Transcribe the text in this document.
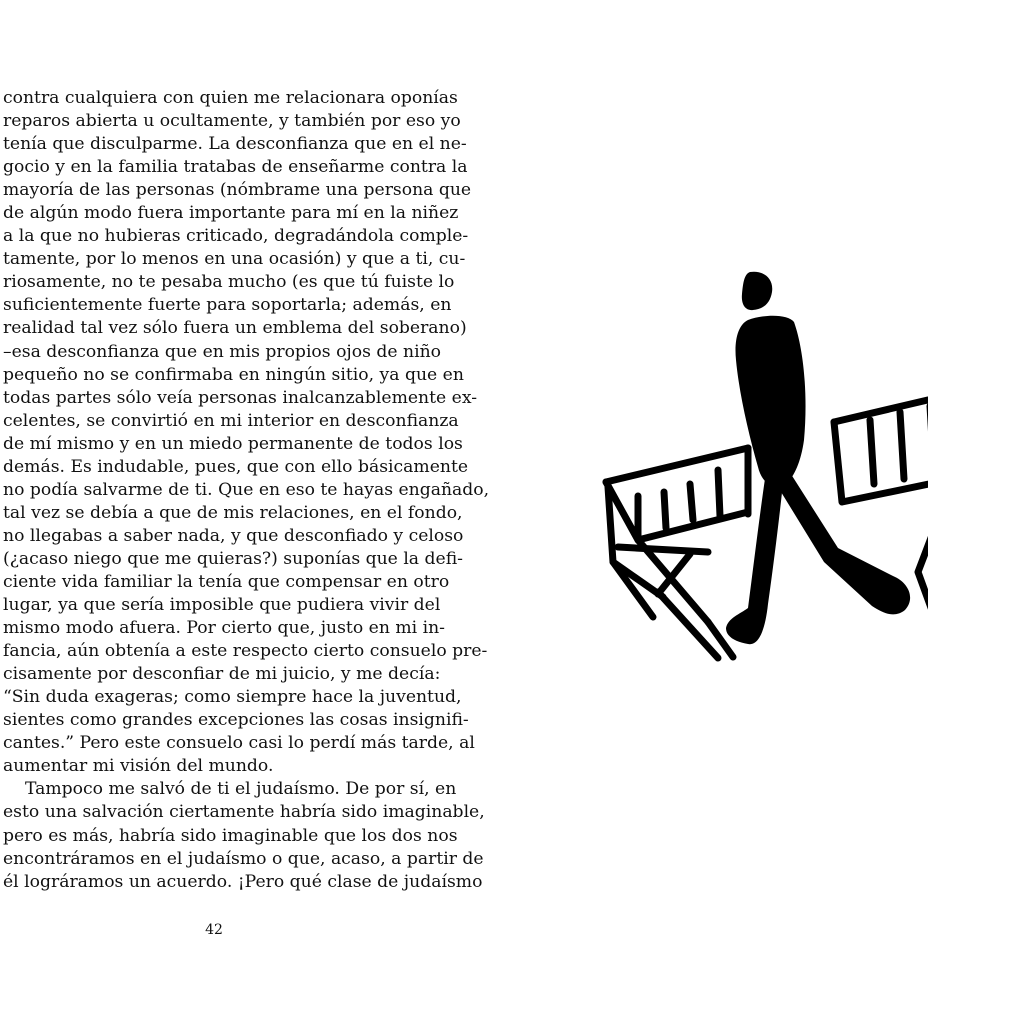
contra cualquiera con quien me relacionara oponías
reparos abierta u ocultamente, y también por eso yo
tenía que disculparme. La desconfianza que en el ne-
gocio y en la familia tratabas de enseñarme contra la
mayoría de las personas (nómbrame una persona que
de algún modo fuera importante para mí en la niñez
a la que no hubieras criticado, degradándola comple-
tamente, por lo menos en una ocasión) y que a ti, cu-
riosamente, no te pesaba mucho (es que tú fuiste lo
suficientemente fuerte para soportarla; además, en
realidad tal vez sólo fuera un emblema del soberano)
–esa desconfianza que en mis propios ojos de niño
pequeño no se confirmaba en ningún sitio, ya que en
todas partes sólo veía personas inalcanzablemente ex-
celentes, se convirtió en mi interior en desconfianza
de mí mismo y en un miedo permanente de todos los
demás. Es indudable, pues, que con ello básicamente
no podía salvarme de ti. Que en eso te hayas engañado,
tal vez se debía a que de mis relaciones, en el fondo,
no llegabas a saber nada, y que desconfiado y celoso
(¿acaso niego que me quieras?) suponías que la defi-
ciente vida familiar la tenía que compensar en otro
lugar, ya que sería imposible que pudiera vivir del
mismo modo afuera. Por cierto que, justo en mi in-
fancia, aún obtenía a este respecto cierto consuelo pre-
cisamente por desconfiar de mi juicio, y me decía:
“Sin duda exageras; como siempre hace la juventud,
sientes como grandes excepciones las cosas insignifi-
cantes.” Pero este consuelo casi lo perdí más tarde, al
aumentar mi visión del mundo.
Tampoco me salvó de ti el judaísmo. De por sí, en
esto una salvación ciertamente habría sido imaginable,
pero es más, habría sido imaginable que los dos nos
encontráramos en el judaísmo o que, acaso, a partir de
él lográramos un acuerdo. ¡Pero qué clase de judaísmo
42
